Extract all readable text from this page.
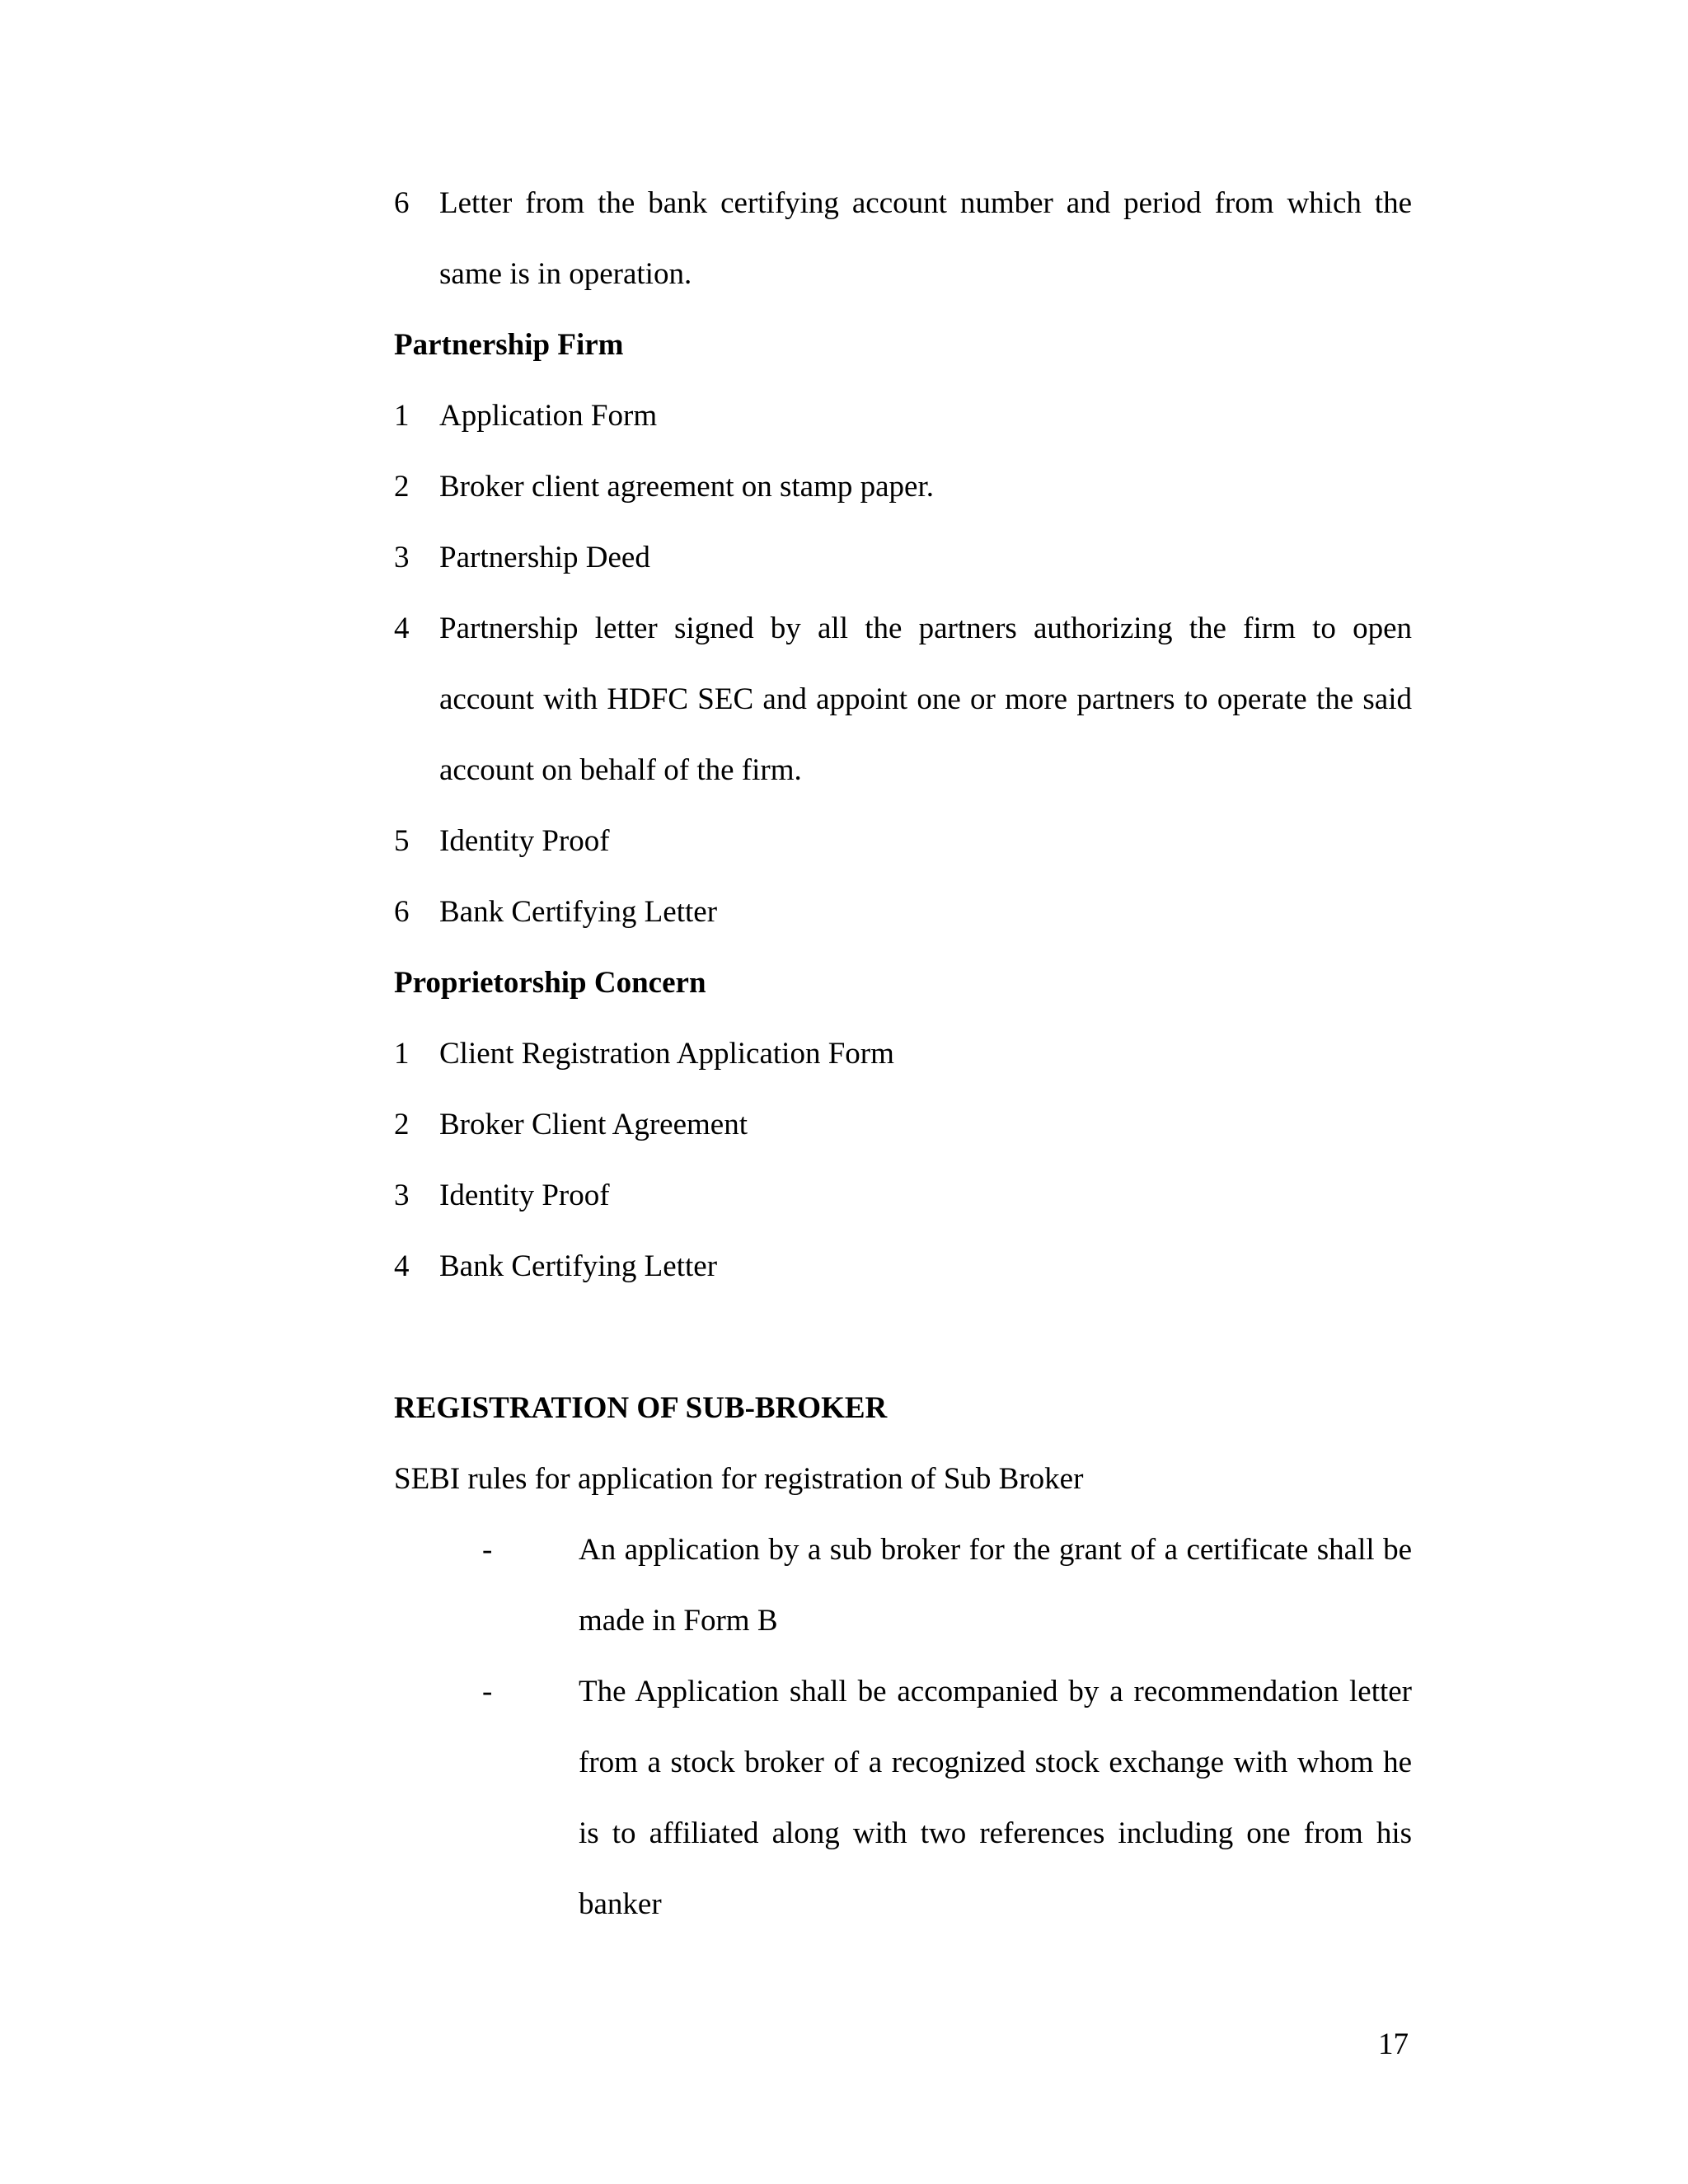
6 Letter from the bank certifying account number and period from which the
same is in operation.
Partnership Firm
1 Application Form
2 Broker client agreement on stamp paper.
3 Partnership Deed
4 Partnership letter signed by all the partners authorizing the firm to open
account with HDFC SEC and appoint one or more partners to operate the said
account on behalf of the firm.
5 Identity Proof
6 Bank Certifying Letter
Proprietorship Concern
1 Client Registration Application Form
2 Broker Client Agreement
3 Identity Proof
4 Bank Certifying Letter
REGISTRATION OF SUB-BROKER
SEBI rules for application for registration of Sub Broker
-	An application by a sub broker for the grant of a certificate shall be
made in Form B
-	The Application shall be accompanied by a recommendation letter
from a stock broker of a recognized stock exchange with whom he
is to affiliated along with two references including one from his
banker
17
